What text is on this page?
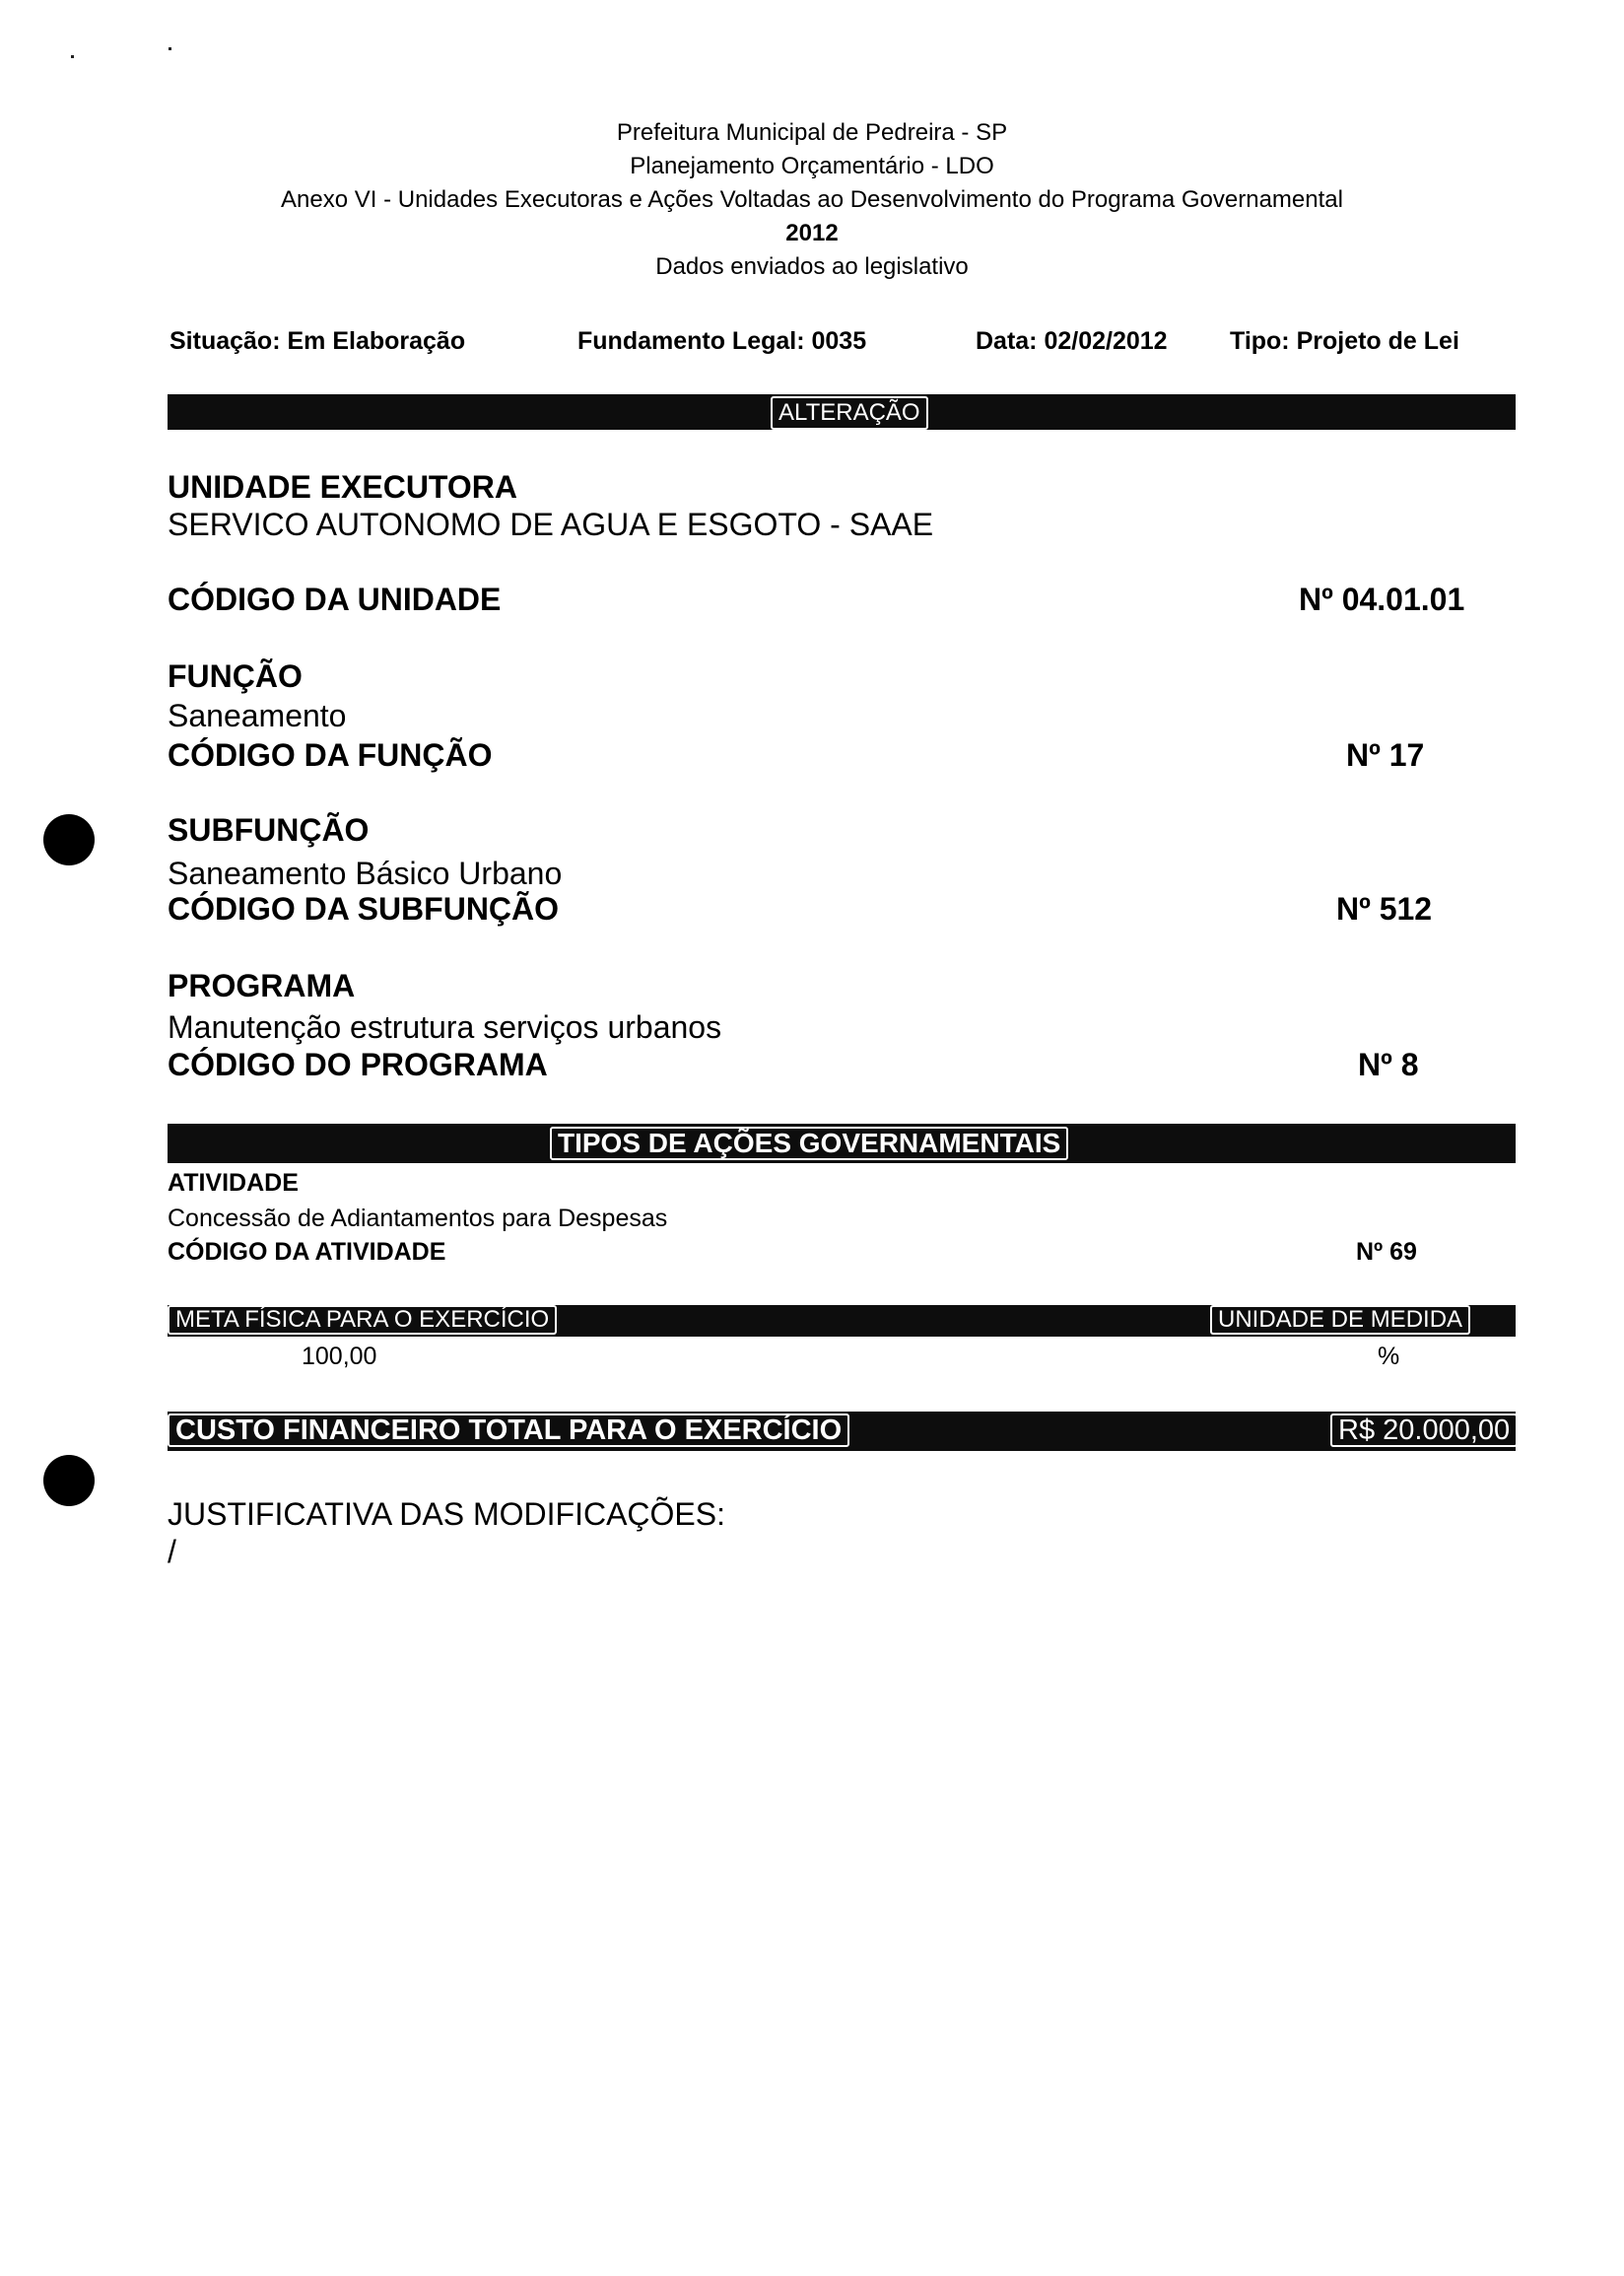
Prefeitura Municipal de Pedreira - SP
Planejamento Orçamentário - LDO
Anexo VI - Unidades Executoras e Ações Voltadas ao Desenvolvimento do Programa Governamental
2012
Dados enviados ao legislativo
Situação: Em Elaboração	Fundamento Legal: 0035	Data: 02/02/2012	Tipo: Projeto de Lei
ALTERAÇÃO
UNIDADE EXECUTORA
SERVICO AUTONOMO DE AGUA E ESGOTO - SAAE
CÓDIGO DA UNIDADE	Nº 04.01.01
FUNÇÃO
Saneamento
CÓDIGO DA FUNÇÃO	Nº 17
SUBFUNÇÃO
Saneamento Básico Urbano
CÓDIGO DA SUBFUNÇÃO	Nº 512
PROGRAMA
Manutenção estrutura serviços urbanos
CÓDIGO DO PROGRAMA	Nº 8
TIPOS DE AÇÕES GOVERNAMENTAIS
ATIVIDADE
Concessão de Adiantamentos para Despesas
CÓDIGO DA ATIVIDADE	Nº 69
META FÍSICA PARA O EXERCÍCIO	UNIDADE DE MEDIDA
100,00	%
CUSTO FINANCEIRO TOTAL PARA O EXERCÍCIO	R$ 20.000,00
JUSTIFICATIVA DAS MODIFICAÇÕES:
/
